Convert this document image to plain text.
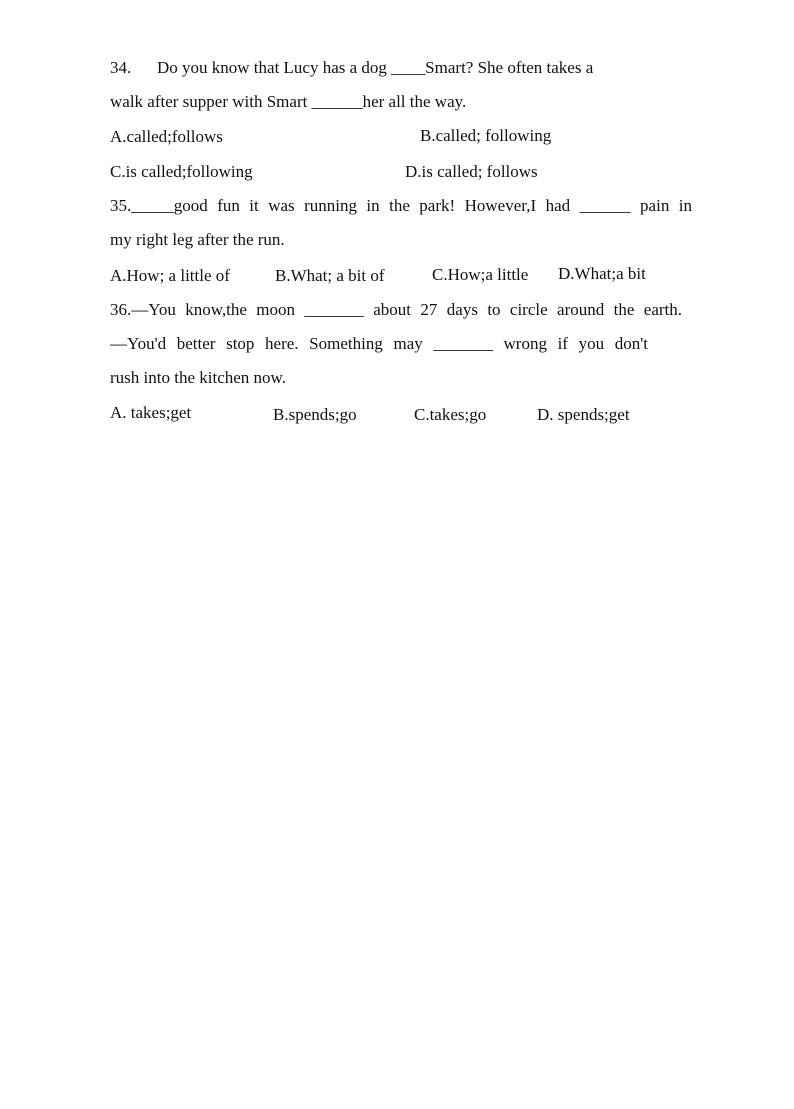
34. Do you know that Lucy has a dog ____Smart? She often takes a
walk after supper with Smart ______her all the way.
A.called;follows	B.called; following
C.is called;following	D.is called; follows
35._____good fun it was running in the park! However,I had ______ pain in
my right leg after the run.
A.How; a little of	B.What; a bit of	C.How;a little D.What;a bit
36.—You know,the moon _______ about 27 days to circle around the earth.
—You'd better stop here. Something may _______ wrong if you don't
rush into the kitchen now.
A. takes;get	B.spends;go	C.takes;go	D. spends;get
